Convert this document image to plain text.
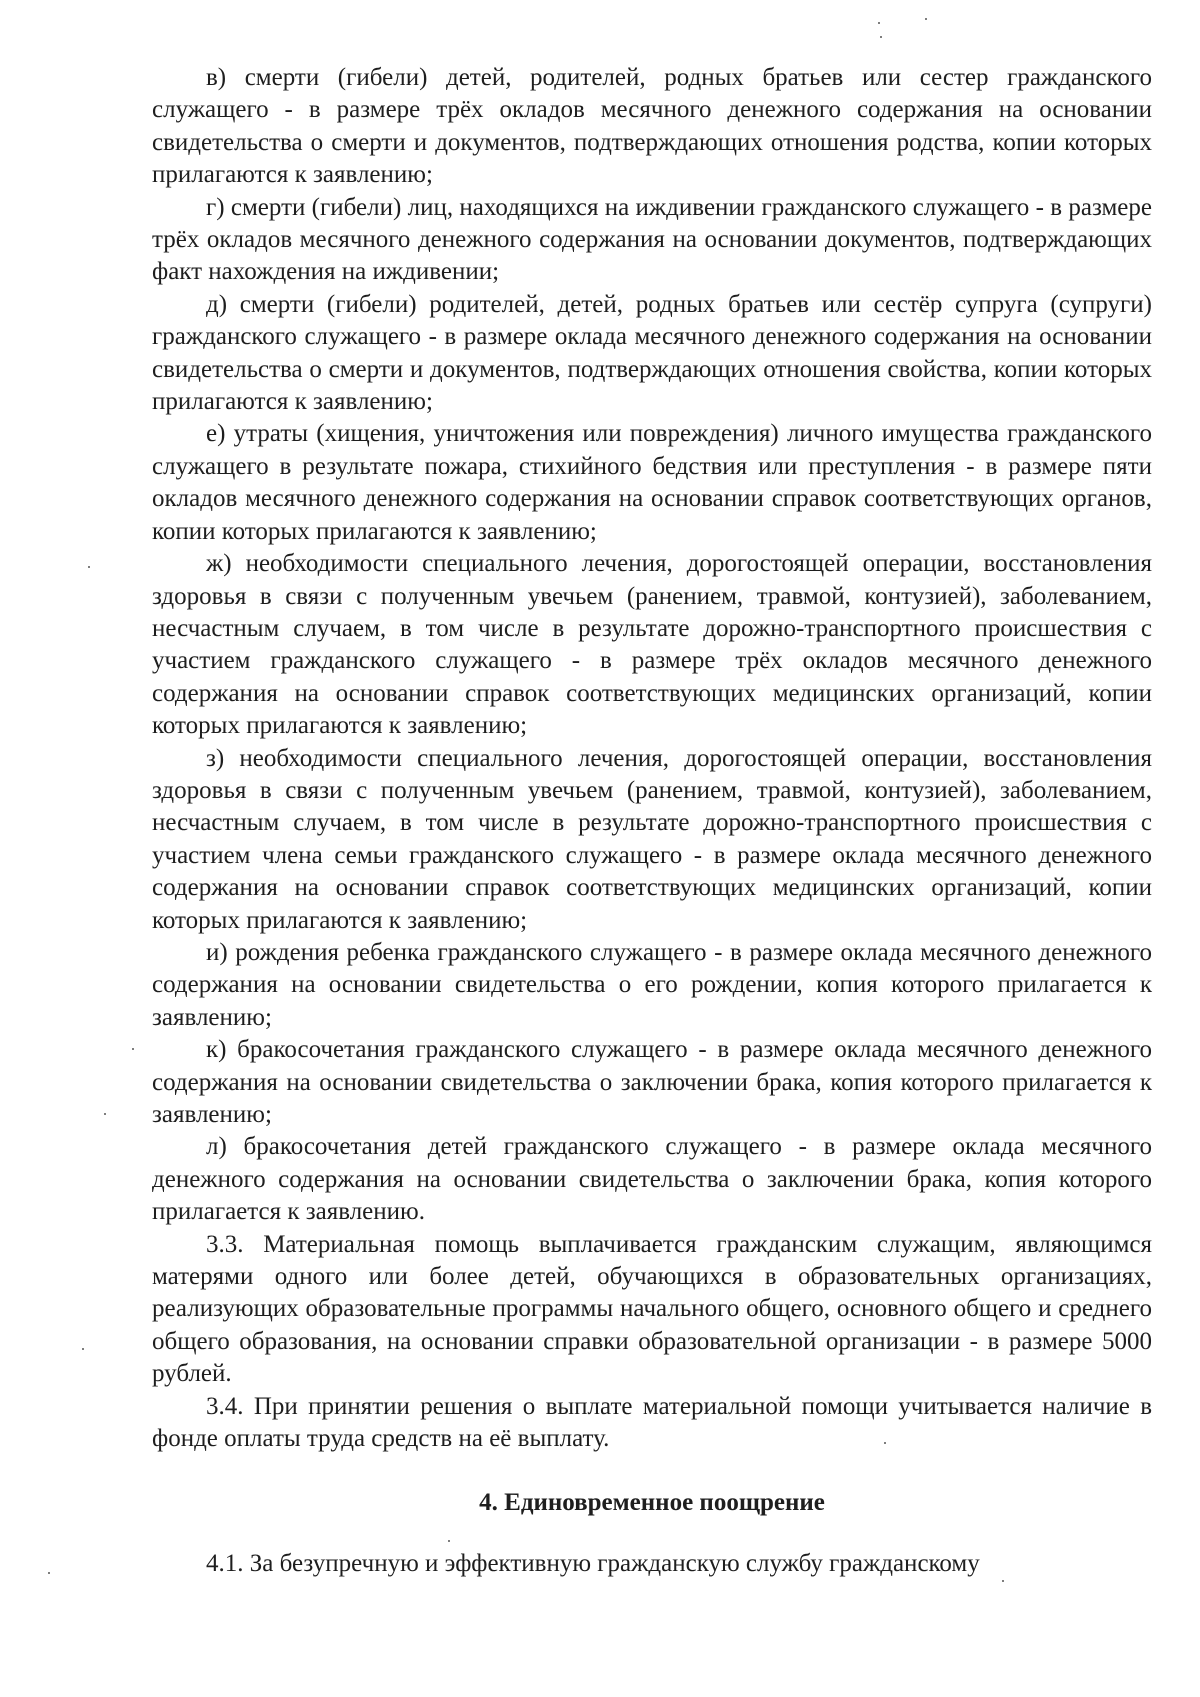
в) смерти (гибели) детей, родителей, родных братьев или сестер гражданского служащего - в размере трёх окладов месячного денежного содержания на основании свидетельства о смерти и документов, подтверждающих отношения родства, копии которых прилагаются к заявлению;

г) смерти (гибели) лиц, находящихся на иждивении гражданского служащего - в размере трёх окладов месячного денежного содержания на основании документов, подтверждающих факт нахождения на иждивении;

д) смерти (гибели) родителей, детей, родных братьев или сестёр супруга (супруги) гражданского служащего - в размере оклада месячного денежного содержания на основании свидетельства о смерти и документов, подтверждающих отношения свойства, копии которых прилагаются к заявлению;

е) утраты (хищения, уничтожения или повреждения) личного имущества гражданского служащего в результате пожара, стихийного бедствия или преступления - в размере пяти окладов месячного денежного содержания на основании справок соответствующих органов, копии которых прилагаются к заявлению;

ж) необходимости специального лечения, дорогостоящей операции, восстановления здоровья в связи с полученным увечьем (ранением, травмой, контузией), заболеванием, несчастным случаем, в том числе в результате дорожно-транспортного происшествия с участием гражданского служащего - в размере трёх окладов месячного денежного содержания на основании справок соответствующих медицинских организаций, копии которых прилагаются к заявлению;

з) необходимости специального лечения, дорогостоящей операции, восстановления здоровья в связи с полученным увечьем (ранением, травмой, контузией), заболеванием, несчастным случаем, в том числе в результате дорожно-транспортного происшествия с участием члена семьи гражданского служащего - в размере оклада месячного денежного содержания на основании справок соответствующих медицинских организаций, копии которых прилагаются к заявлению;

и) рождения ребенка гражданского служащего - в размере оклада месячного денежного содержания на основании свидетельства о его рождении, копия которого прилагается к заявлению;

к) бракосочетания гражданского служащего - в размере оклада месячного денежного содержания на основании свидетельства о заключении брака, копия которого прилагается к заявлению;

л) бракосочетания детей гражданского служащего - в размере оклада месячного денежного содержания на основании свидетельства о заключении брака, копия которого прилагается к заявлению.

3.3. Материальная помощь выплачивается гражданским служащим, являющимся матерями одного или более детей, обучающихся в образовательных организациях, реализующих образовательные программы начального общего, основного общего и среднего общего образования, на основании справки образовательной организации - в размере 5000 рублей.

3.4. При принятии решения о выплате материальной помощи учитывается наличие в фонде оплаты труда средств на её выплату.

4. Единовременное поощрение

4.1. За безупречную и эффективную гражданскую службу гражданскому
